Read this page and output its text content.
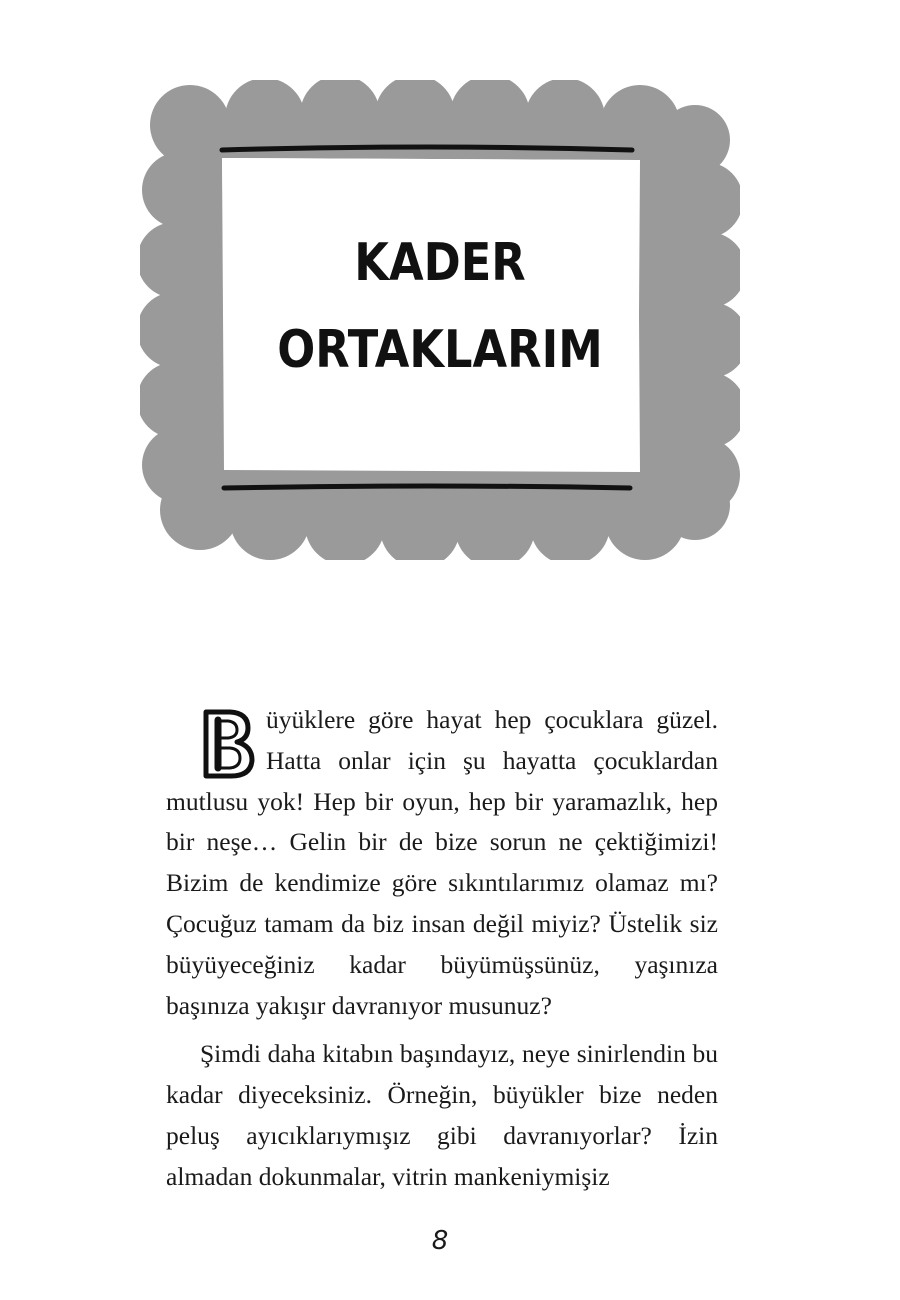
KADER
ORTAKLARIM

üyüklere göre hayat hep çocuklara güzel. Hatta onlar için şu hayatta çocuklardan mutlusu yok! Hep bir oyun, hep bir yaramazlık, hep bir neşe… Gelin bir de bize sorun ne çektiğimizi! Bizim de kendimize göre sıkıntılarımız olamaz mı? Çocuğuz tamam da biz insan değil miyiz? Üstelik siz büyüyeceğiniz kadar büyümüşsünüz, yaşınıza başınıza yakışır davranıyor musunuz?

Şimdi daha kitabın başındayız, neye sinirlendin bu kadar diyeceksiniz. Örneğin, büyükler bize neden peluş ayıcıklarıymışız gibi davranıyorlar? İzin almadan dokunmalar, vitrin mankeniymişiz

8
